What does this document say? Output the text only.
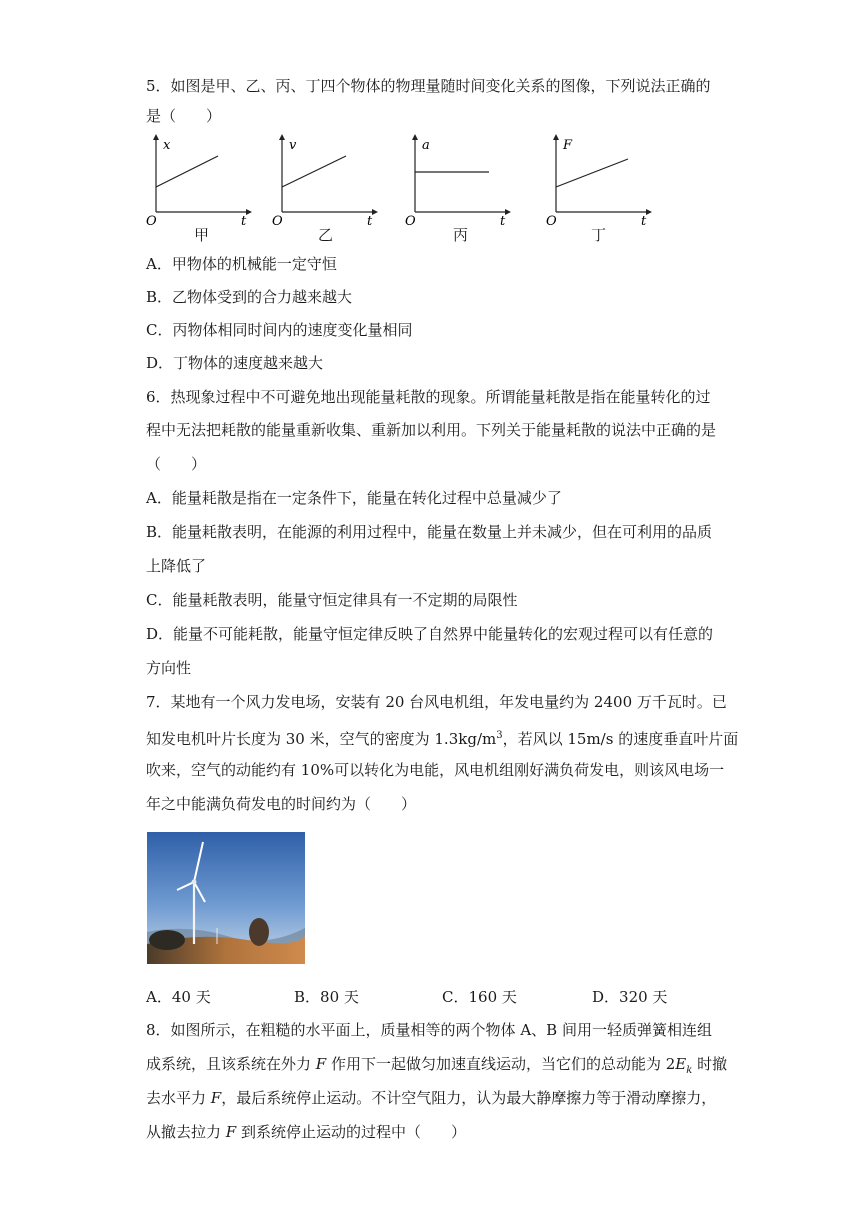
5．如图是甲、乙、丙、丁四个物体的物理量随时间变化关系的图像，下列说法正确的
是（　　）
x
O	t
v
O	t
a
O	t
F
O	t
甲	乙	丙	丁
A．甲物体的机械能一定守恒
B．乙物体受到的合力越来越大
C．丙物体相同时间内的速度变化量相同
D．丁物体的速度越来越大
6．热现象过程中不可避免地出现能量耗散的现象。所谓能量耗散是指在能量转化的过
程中无法把耗散的能量重新收集、重新加以利用。下列关于能量耗散的说法中正确的是
（　　）
A．能量耗散是指在一定条件下，能量在转化过程中总量减少了
B．能量耗散表明，在能源的利用过程中，能量在数量上并未减少，但在可利用的品质
上降低了
C．能量耗散表明，能量守恒定律具有一不定期的局限性
D．能量不可能耗散，能量守恒定律反映了自然界中能量转化的宏观过程可以有任意的
方向性
7．某地有一个风力发电场，安装有 20 台风电机组，年发电量约为 2400 万千瓦时。已
知发电机叶片长度为 30 米，空气的密度为 $1.3kg/m^3$，若风以 15m/s 的速度垂直叶片面
吹来，空气的动能约有 10%可以转化为电能，风电机组刚好满负荷发电，则该风电场一
年之中能满负荷发电的时间约为（　　）
A．40 天	B．80 天	C．160 天	D．320 天
8．如图所示，在粗糙的水平面上，质量相等的两个物体 A、B 间用一轻质弹簧相连组
成系统，且该系统在外力 F 作用下一起做匀加速直线运动，当它们的总动能为 $2E_k$ 时撤
去水平力 F，最后系统停止运动。不计空气阻力，认为最大静摩擦力等于滑动摩擦力，
从撤去拉力 F 到系统停止运动的过程中（　　）
